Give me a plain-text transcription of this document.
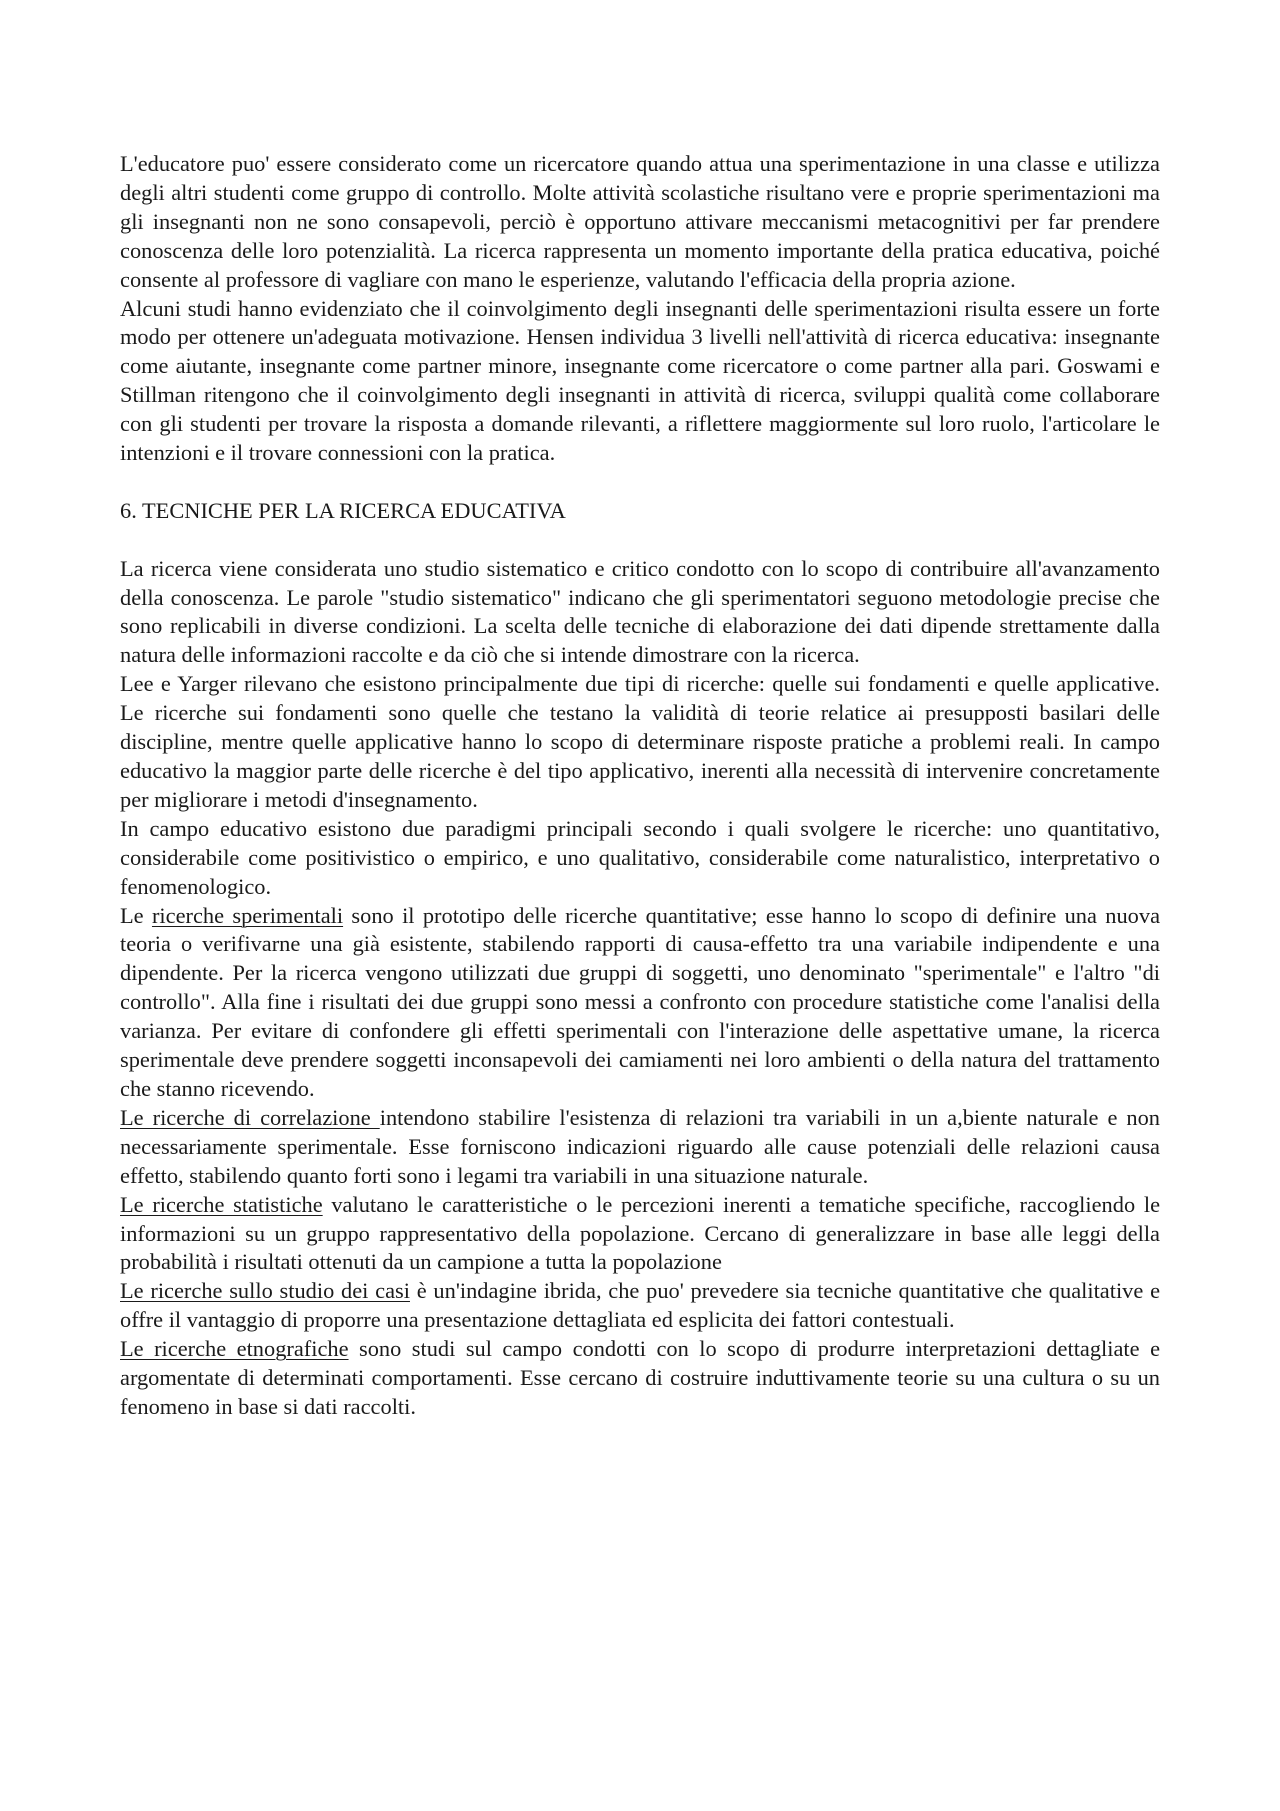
L'educatore puo' essere considerato come un ricercatore quando attua una sperimentazione in una classe e utilizza degli altri studenti come gruppo di controllo. Molte attività scolastiche risultano vere e proprie sperimentazioni ma gli insegnanti non ne sono consapevoli, perciò è opportuno attivare meccanismi metacognitivi per far prendere conoscenza delle loro potenzialità. La ricerca rappresenta un momento importante della pratica educativa, poiché consente al professore di vagliare con mano le esperienze, valutando l'efficacia della propria azione.

Alcuni studi hanno evidenziato che il coinvolgimento degli insegnanti delle sperimentazioni risulta essere un forte modo per ottenere un'adeguata motivazione. Hensen individua 3 livelli nell'attività di ricerca educativa: insegnante come aiutante, insegnante come partner minore, insegnante come ricercatore o come partner alla pari. Goswami e Stillman ritengono che il coinvolgimento degli insegnanti in attività di ricerca, sviluppi qualità come collaborare con gli studenti per trovare la risposta a domande rilevanti, a riflettere maggiormente sul loro ruolo, l'articolare le intenzioni e il trovare connessioni con la pratica.

6. TECNICHE PER LA RICERCA EDUCATIVA

La ricerca viene considerata uno studio sistematico e critico condotto con lo scopo di contribuire all'avanzamento della conoscenza. Le parole "studio sistematico" indicano che gli sperimentatori seguono metodologie precise che sono replicabili in diverse condizioni. La scelta delle tecniche di elaborazione dei dati dipende strettamente dalla natura delle informazioni raccolte e da ciò che si intende dimostrare con la ricerca.

Lee e Yarger rilevano che esistono principalmente due tipi di ricerche: quelle sui fondamenti e quelle applicative. Le ricerche sui fondamenti sono quelle che testano la validità di teorie relatice ai presupposti basilari delle discipline, mentre quelle applicative hanno lo scopo di determinare risposte pratiche a problemi reali. In campo educativo la maggior parte delle ricerche è del tipo applicativo, inerenti alla necessità di intervenire concretamente per migliorare i metodi d'insegnamento.

In campo educativo esistono due paradigmi principali secondo i quali svolgere le ricerche: uno quantitativo, considerabile come positivistico o empirico, e uno qualitativo, considerabile come naturalistico, interpretativo o fenomenologico.

Le ricerche sperimentali sono il prototipo delle ricerche quantitative; esse hanno lo scopo di definire una nuova teoria o verifivarne una già esistente, stabilendo rapporti di causa-effetto tra una variabile indipendente e una dipendente. Per la ricerca vengono utilizzati due gruppi di soggetti, uno denominato "sperimentale" e l'altro "di controllo". Alla fine i risultati dei due gruppi sono messi a confronto con procedure statistiche come l'analisi della varianza. Per evitare di confondere gli effetti sperimentali con l'interazione delle aspettative umane, la ricerca sperimentale deve prendere soggetti inconsapevoli dei camiamenti nei loro ambienti o della natura del trattamento che stanno ricevendo.

Le ricerche di correlazione intendono stabilire l'esistenza di relazioni tra variabili in un a,biente naturale e non necessariamente sperimentale. Esse forniscono indicazioni riguardo alle cause potenziali delle relazioni causa effetto, stabilendo quanto forti sono i legami tra variabili in una situazione naturale.

Le ricerche statistiche valutano le caratteristiche o le percezioni inerenti a tematiche specifiche, raccogliendo le informazioni su un gruppo rappresentativo della popolazione. Cercano di generalizzare in base alle leggi della probabilità i risultati ottenuti da un campione a tutta la popolazione

Le ricerche sullo studio dei casi è un'indagine ibrida, che puo' prevedere sia tecniche quantitative che qualitative e offre il vantaggio di proporre una presentazione dettagliata ed esplicita dei fattori contestuali.

Le ricerche etnografiche sono studi sul campo condotti con lo scopo di produrre interpretazioni dettagliate e argomentate di determinati comportamenti. Esse cercano di costruire induttivamente teorie su una cultura o su un fenomeno in base si dati raccolti.
